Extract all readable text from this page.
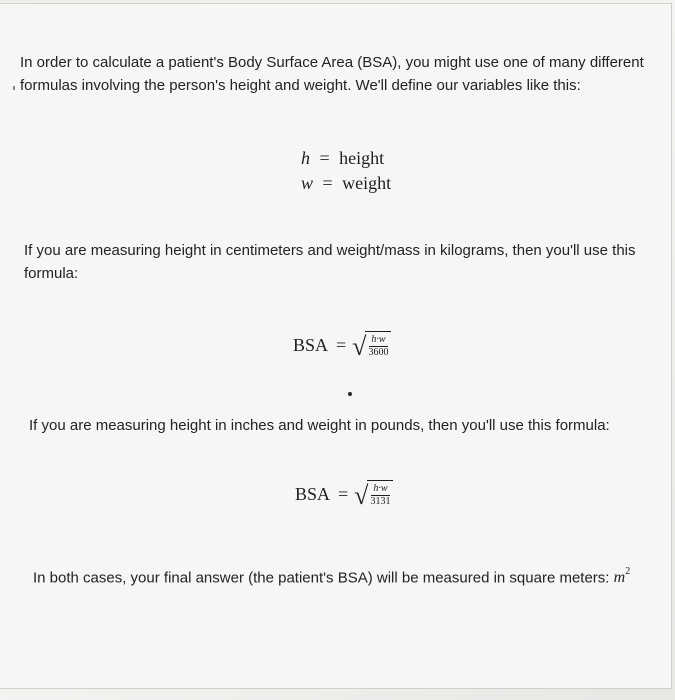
In order to calculate a patient's Body Surface Area (BSA), you might use one of many different formulas involving the person's height and weight. We'll define our variables like this:
h = height
w = weight
If you are measuring height in centimeters and weight/mass in kilograms, then you'll use this formula:
BSA = √ $\frac{h\cdot w}{3600}$
If you are measuring height in inches and weight in pounds, then you'll use this formula:
BSA = √ $\frac{h\cdot w}{3131}$
In both cases, your final answer (the patient's BSA) will be measured in square meters: $m^2$
